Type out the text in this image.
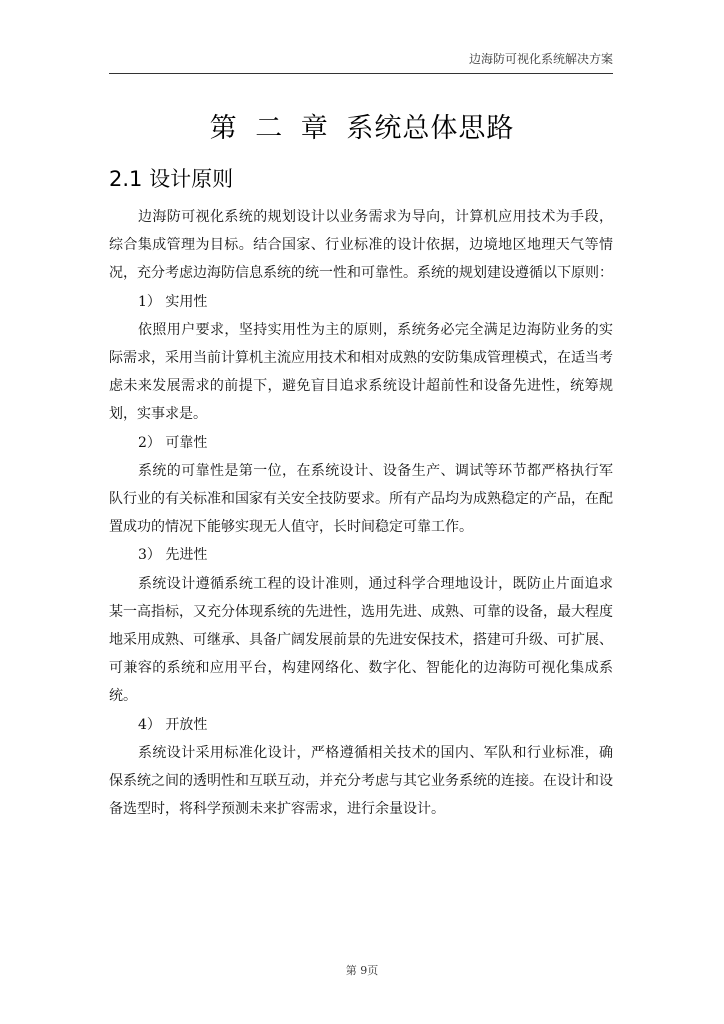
边海防可视化系统解决方案
第 二 章 系统总体思路
2.1 设计原则

边海防可视化系统的规划设计以业务需求为导向，计算机应用技术为手段，综合集成管理为目标。结合国家、行业标准的设计依据，边境地区地理天气等情况，充分考虑边海防信息系统的统一性和可靠性。系统的规划建设遵循以下原则：

1） 实用性

依照用户要求，坚持实用性为主的原则，系统务必完全满足边海防业务的实际需求，采用当前计算机主流应用技术和相对成熟的安防集成管理模式，在适当考虑未来发展需求的前提下，避免盲目追求系统设计超前性和设备先进性，统筹规划，实事求是。

2） 可靠性

系统的可靠性是第一位，在系统设计、设备生产、调试等环节都严格执行军队行业的有关标准和国家有关安全技防要求。所有产品均为成熟稳定的产品，在配置成功的情况下能够实现无人值守，长时间稳定可靠工作。

3） 先进性

系统设计遵循系统工程的设计准则，通过科学合理地设计，既防止片面追求某一高指标，又充分体现系统的先进性，选用先进、成熟、可靠的设备，最大程度地采用成熟、可继承、具备广阔发展前景的先进安保技术，搭建可升级、可扩展、可兼容的系统和应用平台，构建网络化、数字化、智能化的边海防可视化集成系统。

4） 开放性

系统设计采用标准化设计，严格遵循相关技术的国内、军队和行业标准，确保系统之间的透明性和互联互动，并充分考虑与其它业务系统的连接。在设计和设备选型时，将科学预测未来扩容需求，进行余量设计。

第 9页
